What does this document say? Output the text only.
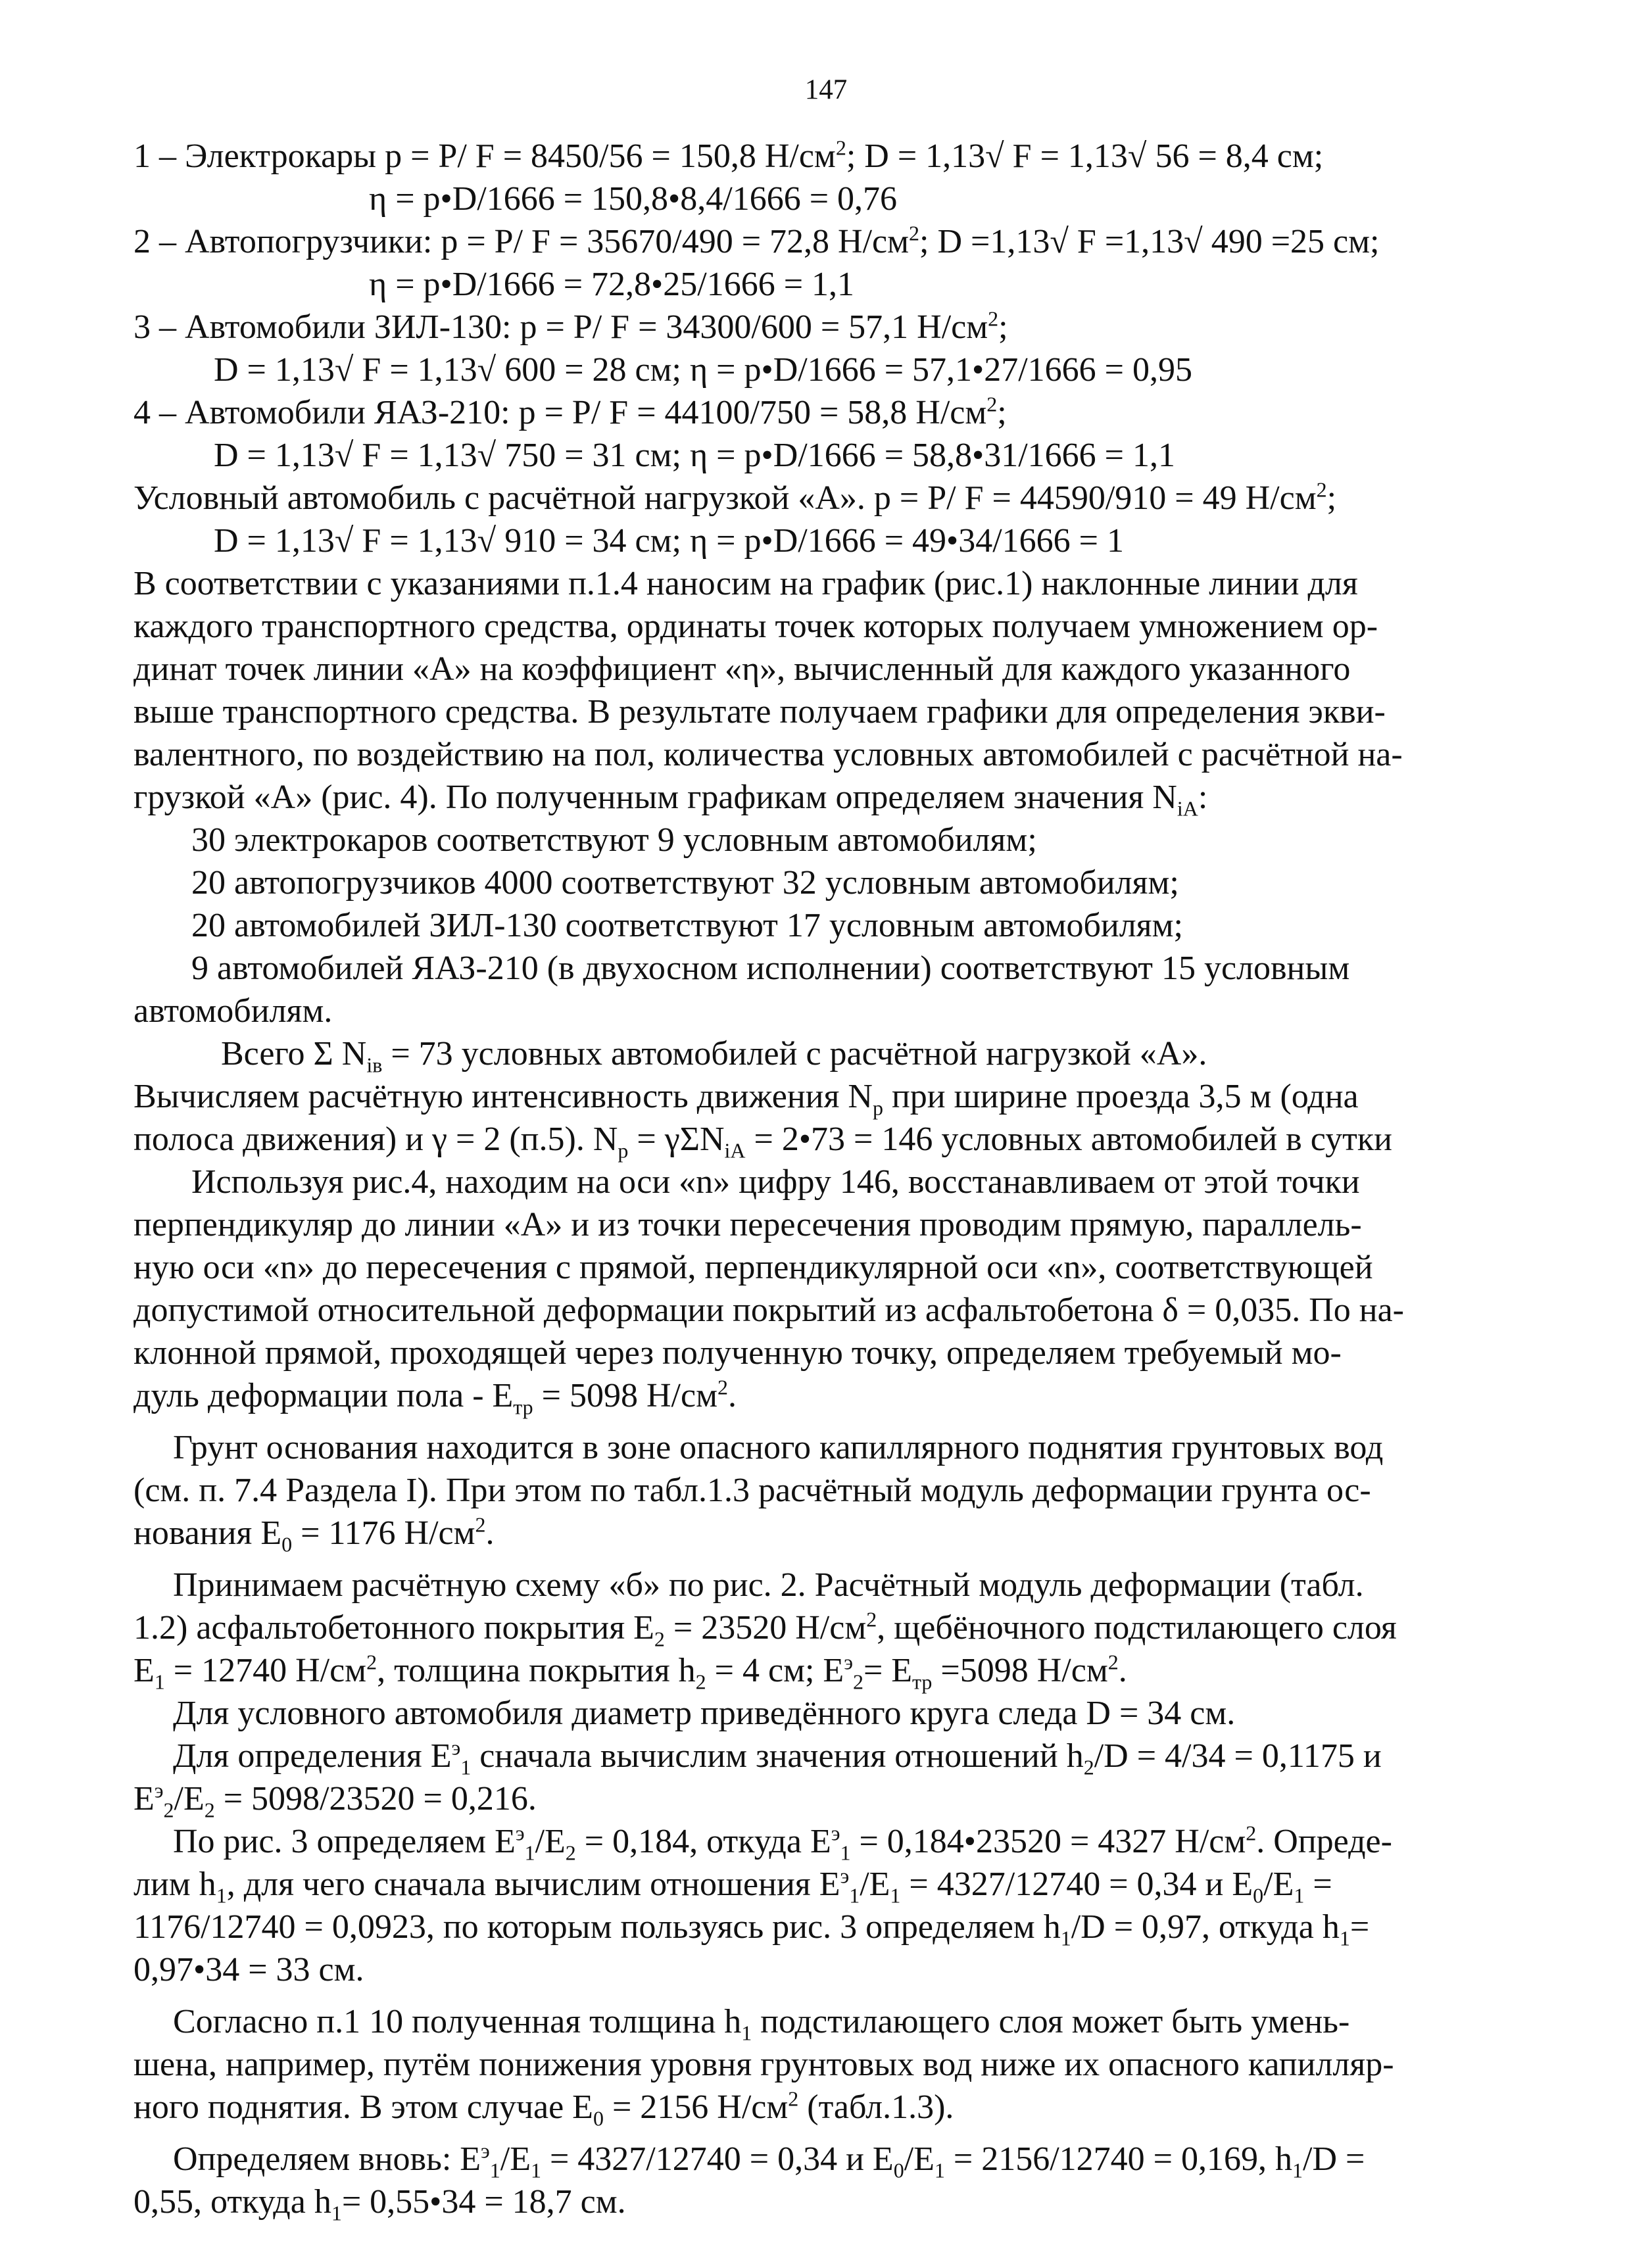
147
1 – Электрокары p = P/ F = 8450/56 = 150,8 $Н/см^2$; D = 1,13√ F = 1,13√ 56 = 8,4 см;
η = p•D/1666 = 150,8•8,4/1666 = 0,76
2 – Автопогрузчики: p = P/ F = 35670/490 = 72,8 $Н/см^2$; D =1,13√ F =1,13√ 490 =25 см;
η = p•D/1666 = 72,8•25/1666 = 1,1
3 – Автомобили ЗИЛ-130: p = P/ F = 34300/600 = 57,1 $Н/см^2$;
D = 1,13√ F = 1,13√ 600 = 28 см; η = p•D/1666 = 57,1•27/1666 = 0,95
4 – Автомобили ЯАЗ-210: p = P/ F = 44100/750 = 58,8 $Н/см^2$;
D = 1,13√ F = 1,13√ 750 = 31 см; η = p•D/1666 = 58,8•31/1666 = 1,1
Условный автомобиль с расчётной нагрузкой «А». p = P/ F = 44590/910 = 49 $Н/см^2$;
D = 1,13√ F = 1,13√ 910 = 34 см; η = p•D/1666 = 49•34/1666 = 1
В соответствии с указаниями п.1.4 наносим на график (рис.1) наклонные линии для
каждого транспортного средства, ординаты точек которых получаем умножением ор-
динат точек линии «А» на коэффициент «η», вычисленный для каждого указанного
выше транспортного средства. В результате получаем графики для определения экви-
валентного, по воздействию на пол, количества условных автомобилей с расчётной на-
грузкой «А» (рис. 4). По полученным графикам определяем значения $N_{iA}$:
30 электрокаров соответствуют 9 условным автомобилям;
20 автопогрузчиков 4000 соответствуют 32 условным автомобилям;
20 автомобилей ЗИЛ-130 соответствуют 17 условным автомобилям;
9 автомобилей ЯАЗ-210 (в двухосном исполнении) соответствуют 15 условным
автомобилям.
Всего Σ $N_{iв} = 73$ условных автомобилей с расчётной нагрузкой «А».
Вычисляем расчётную интенсивность движения $N_р$ при ширине проезда 3,5 м (одна
полоса движения) и γ = 2 (п.5). $N_р = \gamma\Sigma N_{iA}$ = 2•73 = 146 условных автомобилей в сутки
Используя рис.4, находим на оси «n» цифру 146, восстанавливаем от этой точки
перпендикуляр до линии «А» и из точки пересечения проводим прямую, параллель-
ную оси «n» до пересечения с прямой, перпендикулярной оси «n», соответствующей
допустимой относительной деформации покрытий из асфальтобетона δ = 0,035. По на-
клонной прямой, проходящей через полученную точку, определяем требуемый мо-
дуль деформации пола - $Е_{тр} = 5098$ $Н/см^2$.
Грунт основания находится в зоне опасного капиллярного поднятия грунтовых вод
(см. п. 7.4 Раздела I). При этом по табл.1.3 расчётный модуль деформации грунта ос-
нования $Е_0 = 1176$ $Н/см^2$.
Принимаем расчётную схему «б» по рис. 2. Расчётный модуль деформации (табл.
1.2) асфальтобетонного покрытия $Е_2 = 23520$ $Н/см^2$, щебёночного подстилающего слоя
$Е_1 = 12740$ $Н/см^2$, толщина покрытия $h_2 = 4$ см; $Е^э_2= Е_{тр} =5098$ $Н/см^2$.
Для условного автомобиля диаметр приведённого круга следа D = 34 см.
Для определения $Е^э_1$ сначала вычислим значения отношений $h_2/D = 4/34 = 0,1175$ и
$Е^э_2/Е_2 = 5098/23520 = 0,216$.
По рис. 3 определяем $Е^э_1/Е_2 = 0,184$, откуда $Е^э_1$ = 0,184•23520 = 4327 $Н/см^2$. Опреде-
лим $h_1$, для чего сначала вычислим отношения $Е^э_1/Е_1 = 4327/12740 = 0,34$ и $Е_0/Е_1$ =
1176/12740 = 0,0923, по которым пользуясь рис. 3 определяем $h_1/D = 0,97$, откуда $h_1=$
0,97•34 = 33 см.
Согласно п.1 10 полученная толщина $h_1$ подстилающего слоя может быть умень-
шена, например, путём понижения уровня грунтовых вод ниже их опасного капилляр-
ного поднятия. В этом случае $Е_0 = 2156$ $Н/см^2$ (табл.1.3).
Определяем вновь: $Е^э_1/Е_1 = 4327/12740 = 0,34$ и $Е_0/Е_1 = 2156/12740 = 0,169$, $h_1/D$ =
0,55, откуда $h_1=$ 0,55•34 = 18,7 см.
